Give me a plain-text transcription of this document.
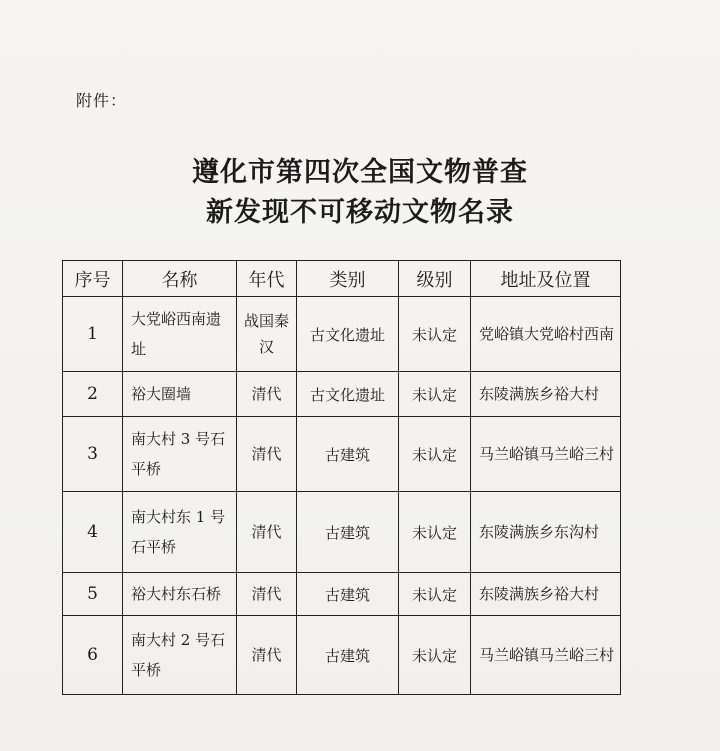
附件：
遵化市第四次全国文物普查
新发现不可移动文物名录
序号	名称	年代	类别	级别	地址及位置
1	大党峪西南遗址	战国秦汉	古文化遗址	未认定	党峪镇大党峪村西南
2	裕大圈墙	清代	古文化遗址	未认定	东陵满族乡裕大村
3	南大村 3 号石平桥	清代	古建筑	未认定	马兰峪镇马兰峪三村
4	南大村东 1 号石平桥	清代	古建筑	未认定	东陵满族乡东沟村
5	裕大村东石桥	清代	古建筑	未认定	东陵满族乡裕大村
6	南大村 2 号石平桥	清代	古建筑	未认定	马兰峪镇马兰峪三村
